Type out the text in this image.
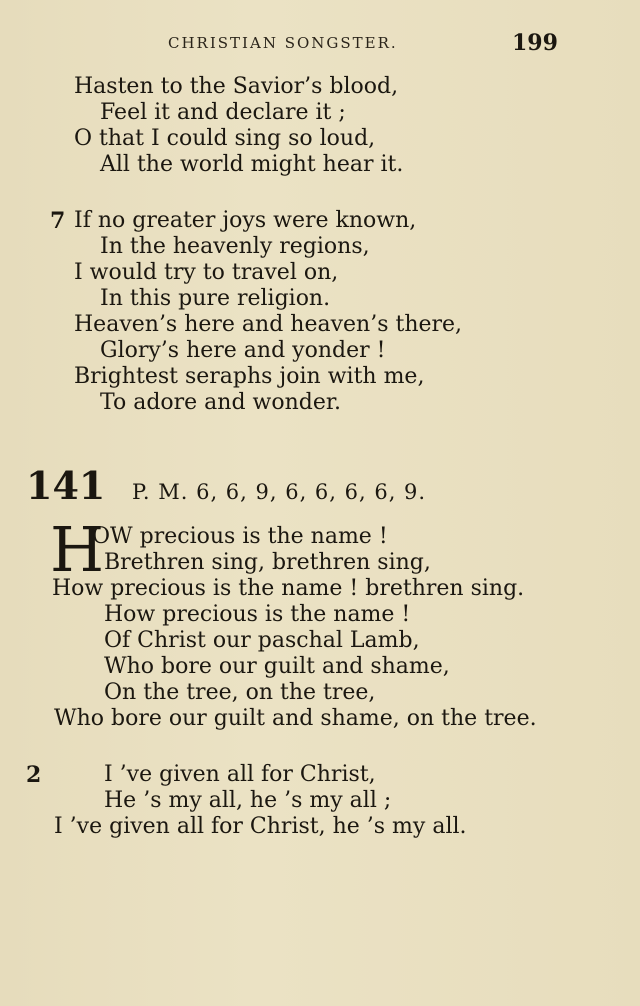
CHRISTIAN SONGSTER.	199
Hasten to the Savior’s blood,
Feel it and declare it ;
O that I could sing so loud,
All the world might hear it.
7 If no greater joys were known,
In the heavenly regions,
I would try to travel on,
In this pure religion.
Heaven’s here and heaven’s there,
Glory’s here and yonder !
Brightest seraphs join with me,
To adore and wonder.
141 P. M. 6, 6, 9, 6, 6, 6, 6, 9.
H
OW precious is the name !
Brethren sing, brethren sing,
How precious is the name ! brethren sing.
How precious is the name !
Of Christ our paschal Lamb,
Who bore our guilt and shame,
On the tree, on the tree,
Who bore our guilt and shame, on the tree.
2	I ’ve given all for Christ,
He ’s my all, he ’s my all ;
I ’ve given all for Christ, he ’s my all.
